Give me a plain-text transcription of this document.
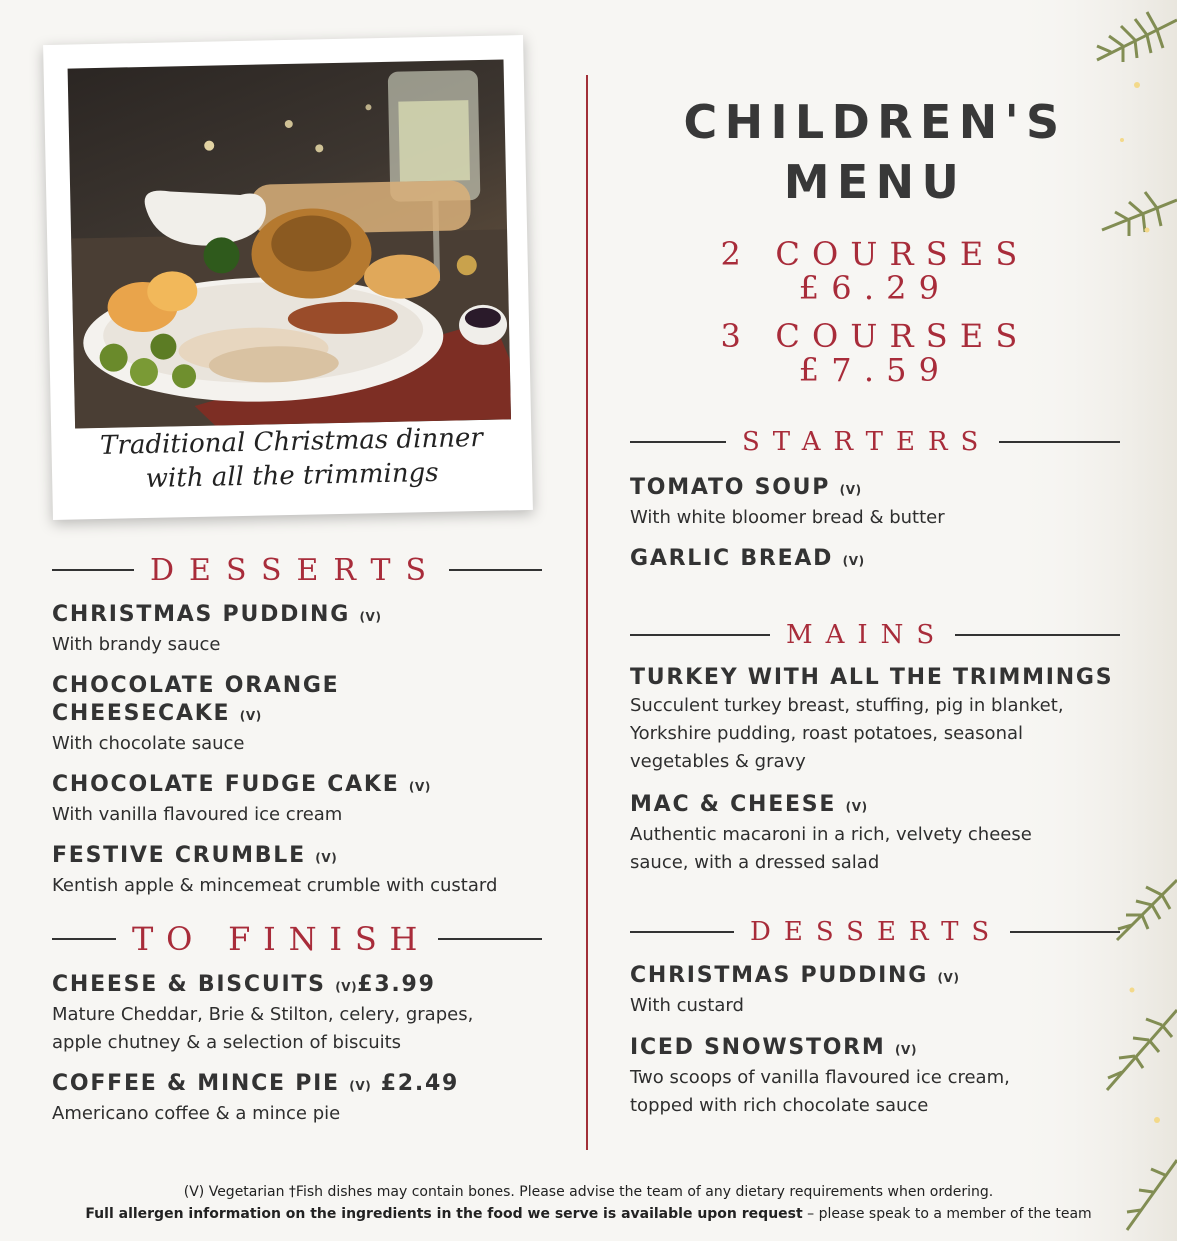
Traditional Christmas dinner
with all the trimmings
DESSERTS
CHRISTMAS PUDDING (V)
With brandy sauce
CHOCOLATE ORANGE
CHEESECAKE (V)
With chocolate sauce
CHOCOLATE FUDGE CAKE (V)
With vanilla flavoured ice cream
FESTIVE CRUMBLE (V)
Kentish apple & mincemeat crumble with custard
TO FINISH
CHEESE & BISCUITS (V)£3.99
Mature Cheddar, Brie & Stilton, celery, grapes,
apple chutney & a selection of biscuits
COFFEE & MINCE PIE (V) £2.49
Americano coffee & a mince pie
CHILDREN'S
MENU
2 COURSES
£6.29
3 COURSES
£7.59
STARTERS
TOMATO SOUP (V)
With white bloomer bread & butter
GARLIC BREAD (V)
MAINS
TURKEY WITH ALL THE TRIMMINGS
Succulent turkey breast, stuffing, pig in blanket,
Yorkshire pudding, roast potatoes, seasonal
vegetables & gravy
MAC & CHEESE (V)
Authentic macaroni in a rich, velvety cheese
sauce, with a dressed salad
DESSERTS
CHRISTMAS PUDDING (V)
With custard
ICED SNOWSTORM (V)
Two scoops of vanilla flavoured ice cream,
topped with rich chocolate sauce
(V) Vegetarian †Fish dishes may contain bones. Please advise the team of any dietary requirements when ordering.
Full allergen information on the ingredients in the food we serve is available upon request – please speak to a member of the team
